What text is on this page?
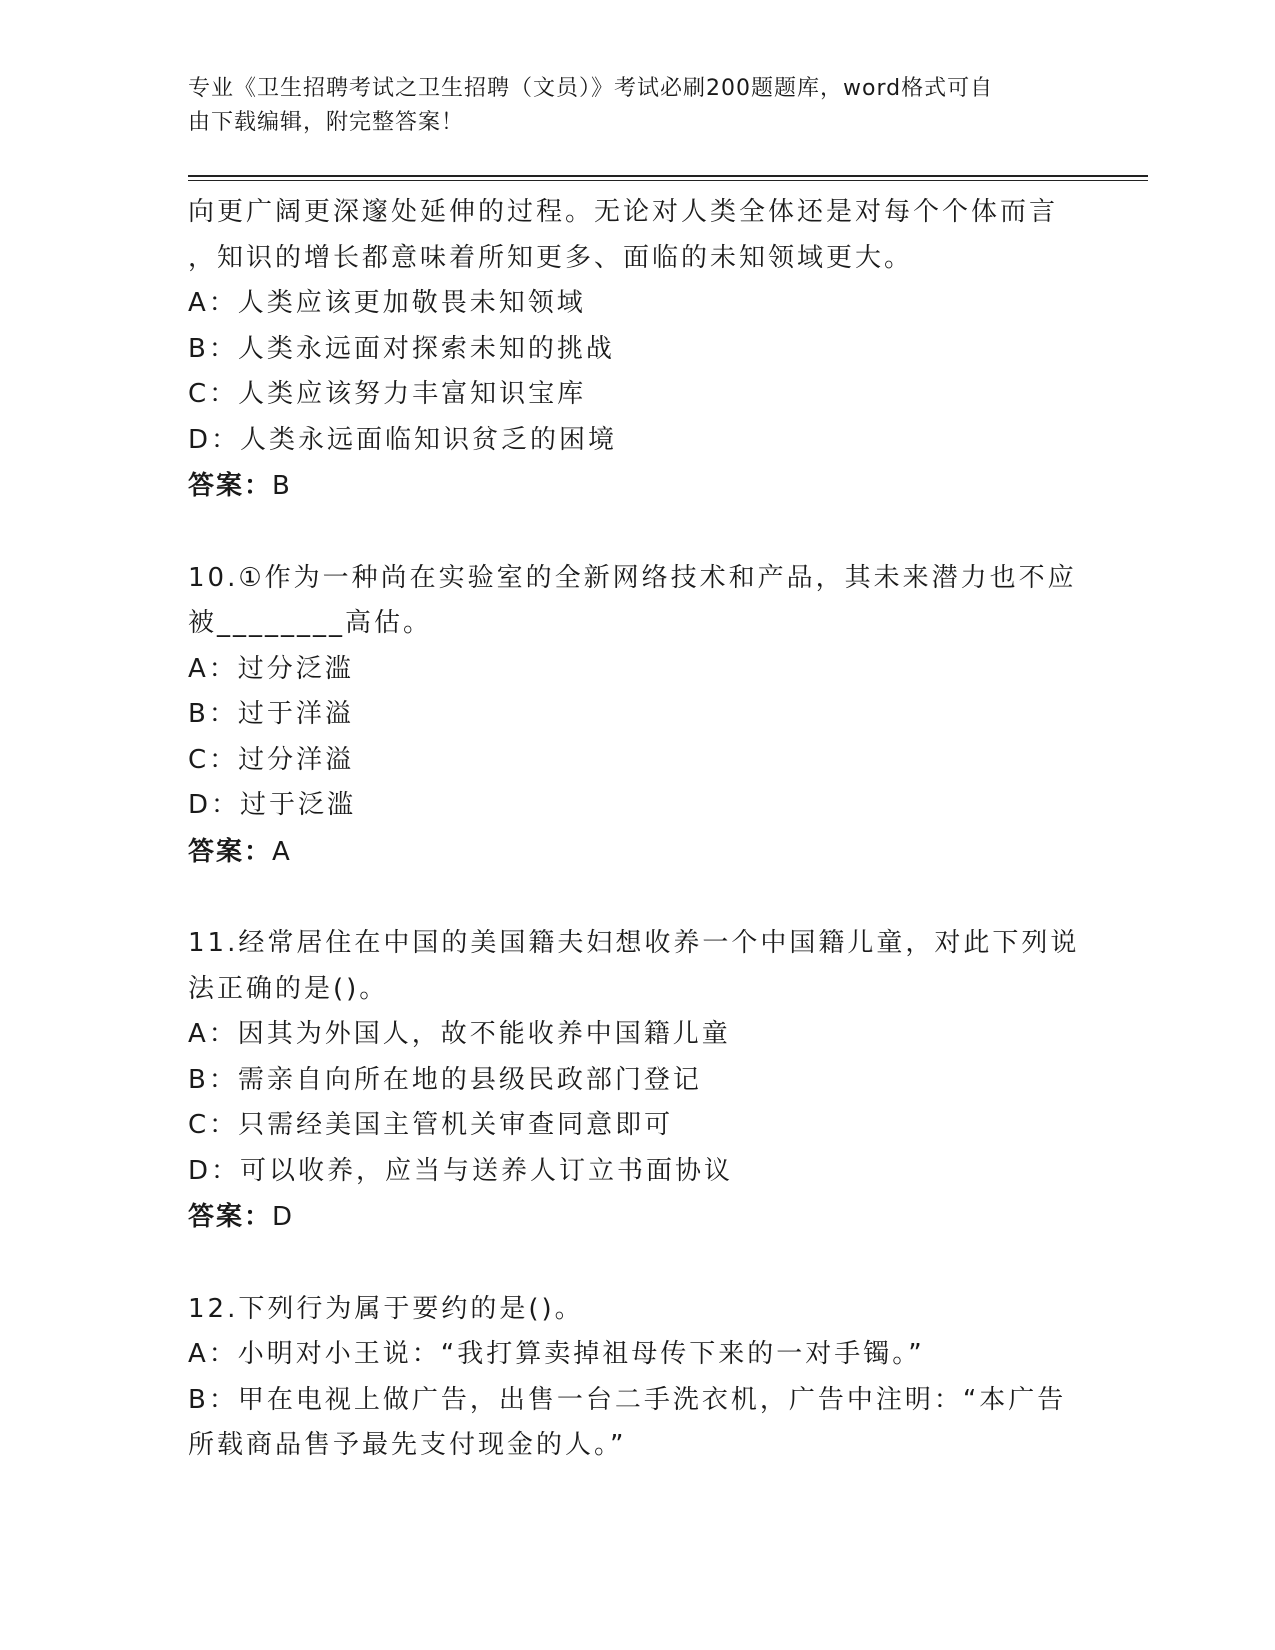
专业《卫生招聘考试之卫生招聘（文员）》考试必刷200题题库，word格式可自
由下载编辑，附完整答案！
向更广阔更深邃处延伸的过程。无论对人类全体还是对每个个体而言
，知识的增长都意味着所知更多、面临的未知领域更大。
A：人类应该更加敬畏未知领域
B：人类永远面对探索未知的挑战
C：人类应该努力丰富知识宝库
D：人类永远面临知识贫乏的困境
答案：B
10.①作为一种尚在实验室的全新网络技术和产品，其未来潜力也不应
被________高估。
A：过分泛滥
B：过于洋溢
C：过分洋溢
D：过于泛滥
答案：A
11.经常居住在中国的美国籍夫妇想收养一个中国籍儿童，对此下列说
法正确的是()。
A：因其为外国人，故不能收养中国籍儿童
B：需亲自向所在地的县级民政部门登记
C：只需经美国主管机关审查同意即可
D：可以收养，应当与送养人订立书面协议
答案：D
12.下列行为属于要约的是()。
A：小明对小王说：“我打算卖掉祖母传下来的一对手镯。”
B：甲在电视上做广告，出售一台二手洗衣机，广告中注明：“本广告
所载商品售予最先支付现金的人。”
